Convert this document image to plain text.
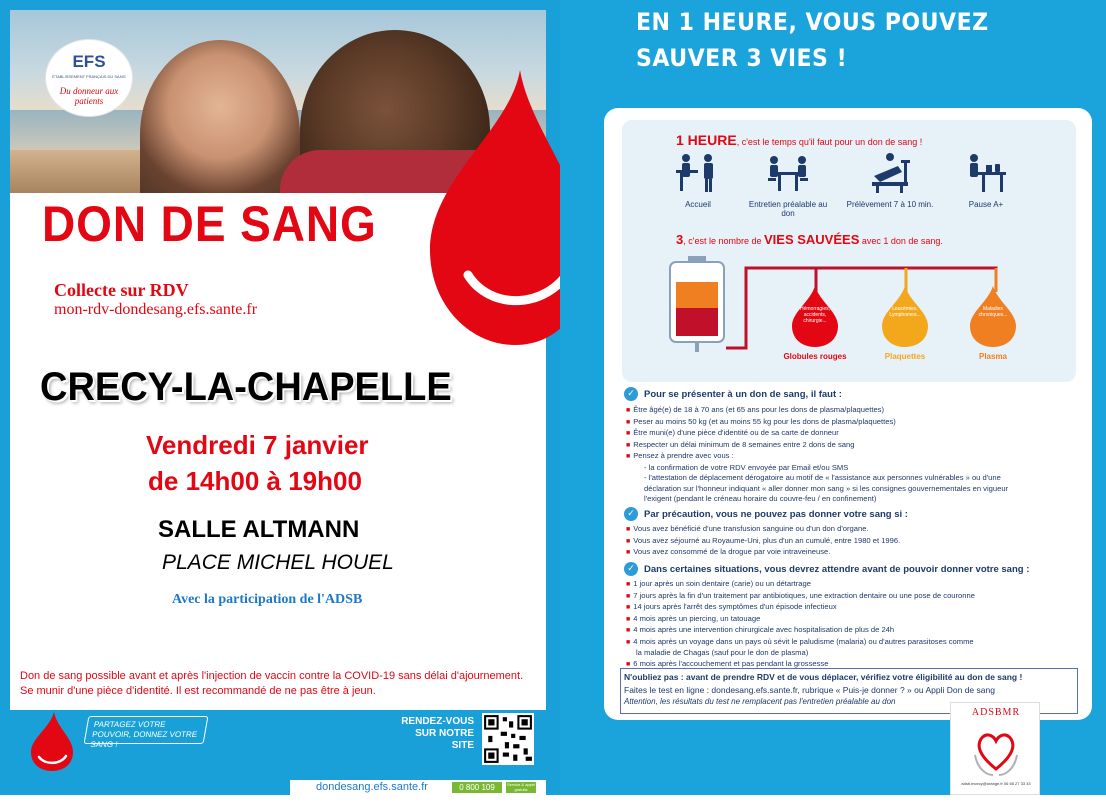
EFS
ÉTABLISSEMENT FRANÇAIS DU SANG
Du donneur aux patients
DON DE SANG
Collecte sur RDV
mon-rdv-dondesang.efs.sante.fr
CRECY-LA-CHAPELLE
Vendredi 7 janvier
de 14h00 à 19h00
SALLE ALTMANN
PLACE MICHEL HOUEL
Avec la participation de l'ADSB
Don de sang possible avant et après l'injection de vaccin contre la COVID-19 sans délai d'ajournement.
Se munir d'une pièce d'identité. Il est recommandé de ne pas être à jeun.
PARTAGEZ VOTRE POUVOIR, DONNEZ VOTRE SANG !
RENDEZ-VOUS SUR NOTRE SITE
dondesang.efs.sante.fr	0 800 109 900
Service & appel gratuits
EN 1 HEURE, VOUS POUVEZ
SAUVER 3 VIES !
1 HEURE, c'est le temps qu'il faut pour un don de sang !
Accueil	Entretien préalable au don
Prélèvement 7 à 10 min.	Pause A+
3, c'est le nombre de VIES SAUVÉES avec 1 don de sang.
Hémorragies, accidents, chirurgie...
Leucémies, Lymphomes...
Maladies chroniques...
Globules rouges	Plaquettes	Plasma
✓ Pour se présenter à un don de sang, il faut :
■ Être âgé(e) de 18 à 70 ans (et 65 ans pour les dons de plasma/plaquettes)
■ Peser au moins 50 kg (et au moins 55 kg pour les dons de plasma/plaquettes)
■ Être muni(e) d'une pièce d'identité ou de sa carte de donneur
■ Respecter un délai minimum de 8 semaines entre 2 dons de sang
■ Pensez à prendre avec vous :
- la confirmation de votre RDV envoyée par Email et/ou SMS
- l'attestation de déplacement dérogatoire au motif de « l'assistance aux personnes vulnérables » ou d'une
déclaration sur l'honneur indiquant « aller donner mon sang » si les consignes gouvernementales en vigueur
l'exigent (pendant le créneau horaire du couvre-feu / en confinement)
✓ Par précaution, vous ne pouvez pas donner votre sang si :
■ Vous avez bénéficié d'une transfusion sanguine ou d'un don d'organe.
■ Vous avez séjourné au Royaume-Uni, plus d'un an cumulé, entre 1980 et 1996.
■ Vous avez consommé de la drogue par voie intraveineuse.
✓ Dans certaines situations, vous devrez attendre avant de pouvoir donner votre sang :
■ 1 jour après un soin dentaire (carie) ou un détartrage
■ 7 jours après la fin d'un traitement par antibiotiques, une extraction dentaire ou une pose de couronne
■ 14 jours après l'arrêt des symptômes d'un épisode infectieux
■ 4 mois après un piercing, un tatouage
■ 4 mois après une intervention chirurgicale avec hospitalisation de plus de 24h
■ 4 mois après un voyage dans un pays où sévit le paludisme (malaria) ou d'autres parasitoses comme
la maladie de Chagas (sauf pour le don de plasma)
■ 6 mois après l'accouchement et pas pendant la grossesse
N'oubliez pas : avant de prendre RDV et de vous déplacer, vérifiez votre éligibilité au don de sang !
Faites le test en ligne : dondesang.efs.sante.fr, rubrique « Puis-je donner ? » ou Appli Don de sang
Attention, les résultats du test ne remplacent pas l'entretien préalable au don
ADSBMR
adsb.mcecy@orange.fr 06 65 27 33 33
